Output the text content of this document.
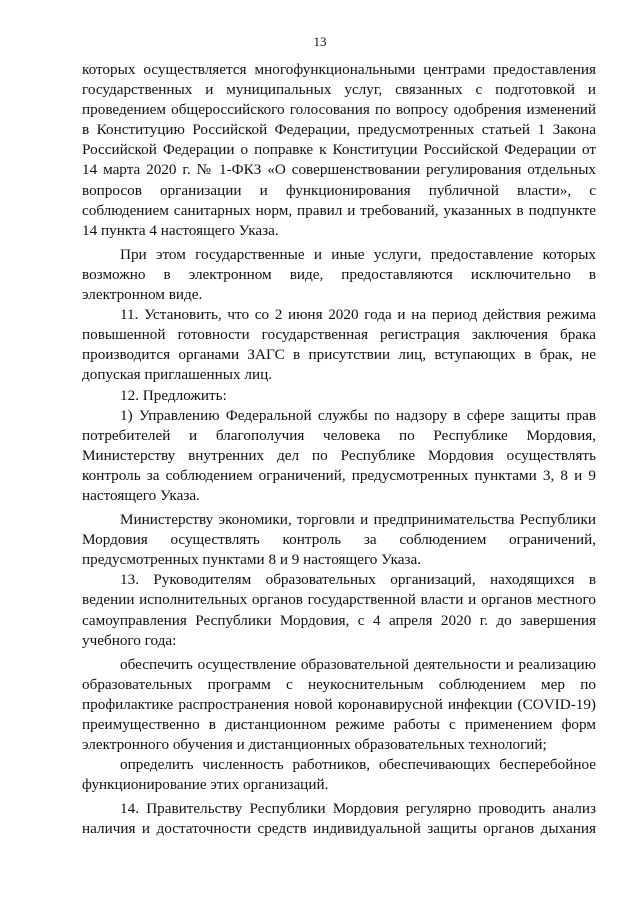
13
которых осуществляется многофункциональными центрами предоставления
государственных и муниципальных услуг, связанных с подготовкой и
проведением общероссийского голосования по вопросу одобрения изменений
в Конституцию Российской Федерации, предусмотренных статьей 1 Закона
Российской Федерации о поправке к Конституции Российской Федерации от
14 марта 2020 г. № 1-ФКЗ «О совершенствовании регулирования отдельных
вопросов организации и функционирования публичной власти», с
соблюдением санитарных норм, правил и требований, указанных в подпункте
14 пункта 4 настоящего Указа.
При этом государственные и иные услуги, предоставление которых
возможно в электронном виде, предоставляются исключительно в
электронном виде.
11. Установить, что со 2 июня 2020 года и на период действия режима
повышенной готовности государственная регистрация заключения брака
производится органами ЗАГС в присутствии лиц, вступающих в брак, не
допуская приглашенных лиц.
12. Предложить:
1) Управлению Федеральной службы по надзору в сфере защиты прав
потребителей и благополучия человека по Республике Мордовия,
Министерству внутренних дел по Республике Мордовия осуществлять
контроль за соблюдением ограничений, предусмотренных пунктами 3, 8 и 9
настоящего Указа.
Министерству экономики, торговли и предпринимательства Республики
Мордовия осуществлять контроль за соблюдением ограничений,
предусмотренных пунктами 8 и 9 настоящего Указа.
13. Руководителям образовательных организаций, находящихся в
ведении исполнительных органов государственной власти и органов местного
самоуправления Республики Мордовия, с 4 апреля 2020 г. до завершения
учебного года:
обеспечить осуществление образовательной деятельности и реализацию
образовательных программ с неукоснительным соблюдением мер по
профилактике распространения новой коронавирусной инфекции (COVID-19)
преимущественно в дистанционном режиме работы с применением форм
электронного обучения и дистанционных образовательных технологий;
определить численность работников, обеспечивающих бесперебойное
функционирование этих организаций.
14. Правительству Республики Мордовия регулярно проводить анализ
наличия и достаточности средств индивидуальной защиты органов дыхания
